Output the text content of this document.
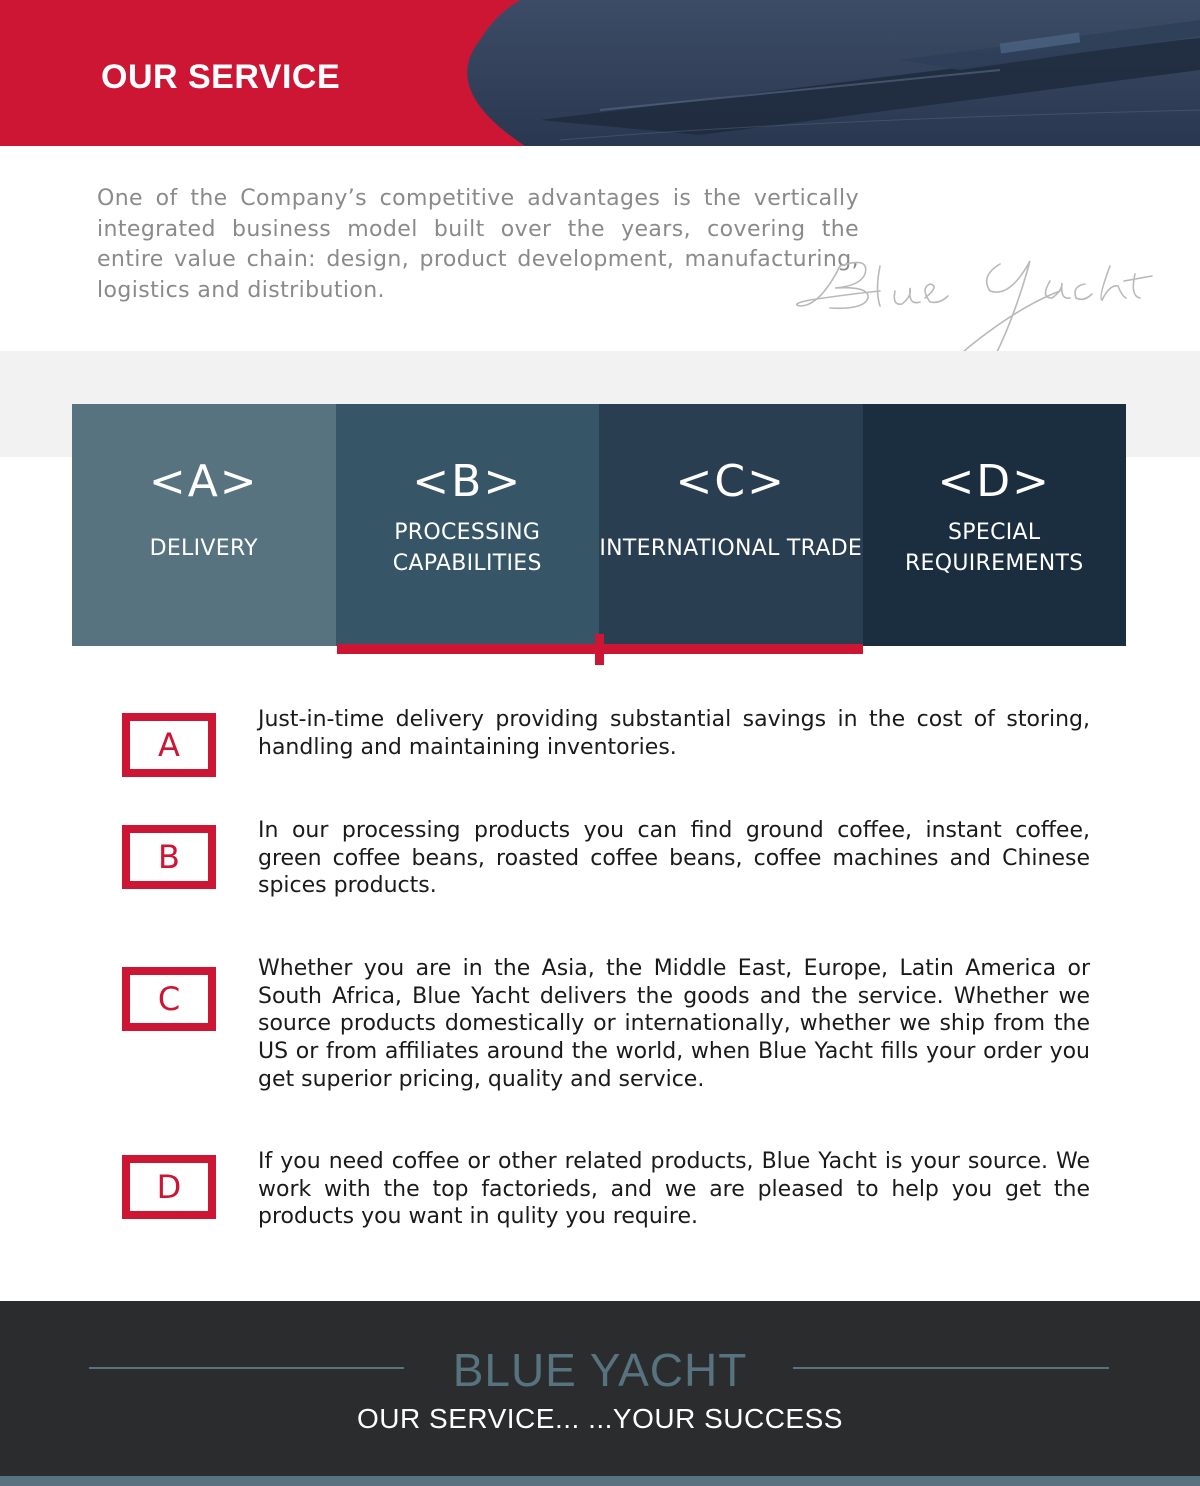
OUR SERVICE
One of the Company’s competitive advantages is the vertically integrated business model built over the years, covering the entire value chain: design, product development, manufacturing, logistics and distribution.
<A>
DELIVERY
<B>
PROCESSING CAPABILITIES
<C>
INTERNATIONAL TRADE
<D>
SPECIAL REQUIREMENTS
A
Just-in-time delivery providing substantial savings in the cost of storing, handling and maintaining inventories.
B
In our processing products you can find ground coffee, instant coffee, green coffee beans, roasted coffee beans, coffee machines and Chinese spices products.
C
Whether you are in the Asia, the Middle East, Europe, Latin America or South Africa, Blue Yacht delivers the goods and the service. Whether we source products domestically or internationally, whether we ship from the US or from affiliates around the world, when Blue Yacht fills your order you get superior pricing, quality and service.
D
If you need coffee or other related products, Blue Yacht is your source. We work with the top factorieds, and we are pleased to help you get the products you want in qulity you require.
BLUE YACHT
OUR SERVICE... ...YOUR SUCCESS
